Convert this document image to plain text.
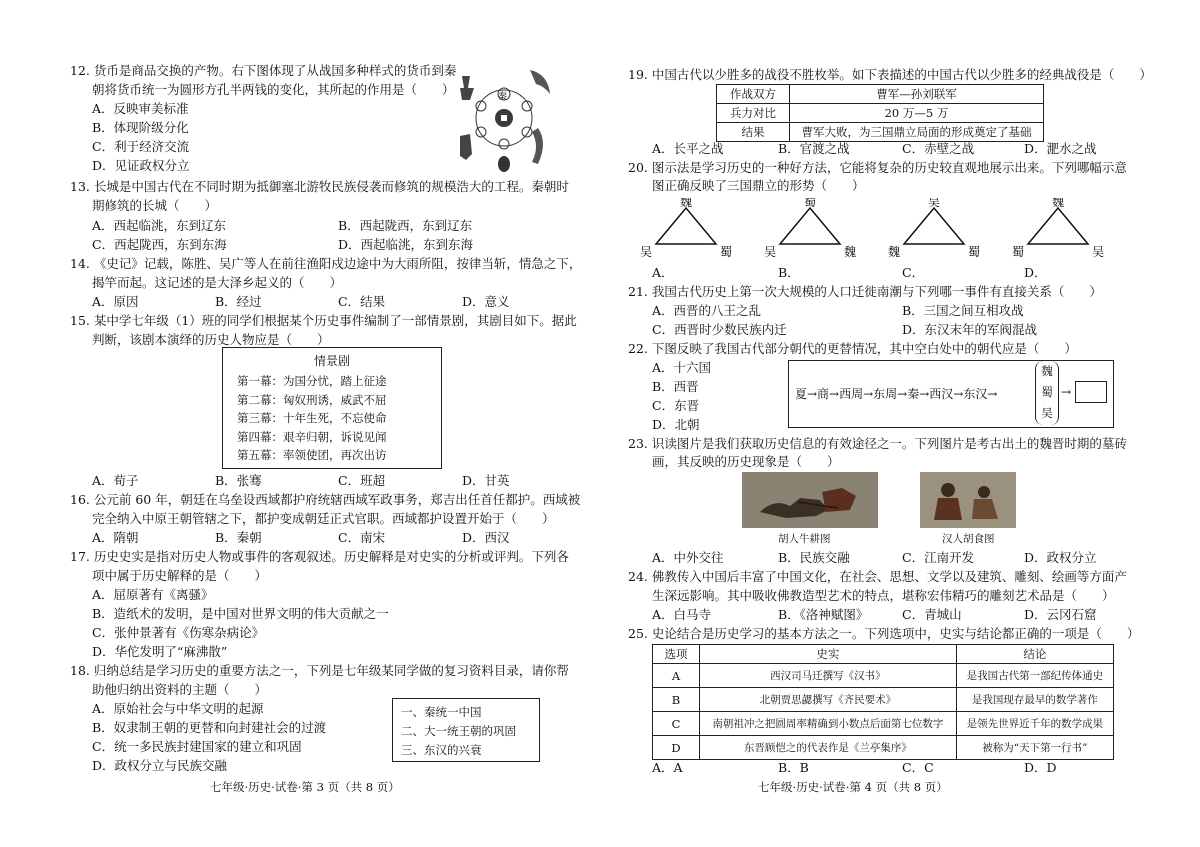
12. 货币是商品交换的产物。右下图体现了从战国多种样式的货币到秦
朝将货币统一为圆形方孔半两钱的变化，其所起的作用是（　　）
A．反映审美标准
B．体现阶级分化
C．利于经济交流
D．见证政权分立
秦
13. 长城是中国古代在不同时期为抵御塞北游牧民族侵袭而修筑的规模浩大的工程。秦朝时
期修筑的长城（　　）
A．西起临洮，东到辽东	B．西起陇西，东到辽东
C．西起陇西，东到东海	D．西起临洮，东到东海
14. 《史记》记载，陈胜、吴广等人在前往渔阳戍边途中为大雨所阻，按律当斩，情急之下，
揭竿而起。这记述的是大泽乡起义的（　　）
A．原因	B．经过	C．结果	D．意义
15. 某中学七年级（1）班的同学们根据某个历史事件编制了一部情景剧，其剧目如下。据此
判断，该剧本演绎的历史人物应是（　　）
情景剧
第一幕：为国分忧，踏上征途
第二幕：匈奴刑诱，威武不屈
第三幕：十年生死，不忘使命
第四幕：艰辛归朝，诉说见闻
第五幕：率领使团，再次出访
A．荀子	B．张骞	C．班超	D．甘英
16. 公元前 60 年，朝廷在乌垒设西域都护府统辖西域军政事务，郑吉出任首任都护。西域被
完全纳入中原王朝管辖之下，都护变成朝廷正式官职。西域都护设置开始于（　　）
A．隋朝	B．秦朝	C．南宋	D．西汉
17. 历史史实是指对历史人物或事件的客观叙述。历史解释是对史实的分析或评判。下列各
项中属于历史解释的是（　　）
A．屈原著有《离骚》
B．造纸术的发明，是中国对世界文明的伟大贡献之一
C．张仲景著有《伤寒杂病论》
D．华佗发明了“麻沸散”
18. 归纳总结是学习历史的重要方法之一，下列是七年级某同学做的复习资料目录，请你帮
助他归纳出资料的主题（　　）
A．原始社会与中华文明的起源
B．奴隶制王朝的更替和向封建社会的过渡
C．统一多民族封建国家的建立和巩固
D．政权分立与民族交融
一、秦统一中国
二、大一统王朝的巩固
三、东汉的兴衰
七年级·历史·试卷·第 3 页（共 8 页）
19. 中国古代以少胜多的战役不胜枚举。如下表描述的中国古代以少胜多的经典战役是（　　）
作战双方	曹军—孙刘联军
兵力对比	20 万—5 万
结果	曹军大败，为三国鼎立局面的形成奠定了基础
A．长平之战	B．官渡之战	C．赤壁之战	D．淝水之战
20. 图示法是学习历史的一种好方法，它能将复杂的历史较直观地展示出来。下列哪幅示意
图正确反映了三国鼎立的形势（　　）
魏
吴	蜀
蜀
吴	魏
吴
魏	蜀
魏
蜀	吴
A．	B．	C．	D．
21. 我国古代历史上第一次大规模的人口迁徙南潮与下列哪一事件有直接关系（　　）
A．西晋的八王之乱	B．三国之间互相攻战
C．西晋时少数民族内迁	D．东汉末年的军阀混战
22. 下图反映了我国古代部分朝代的更替情况，其中空白处中的朝代应是（　　）
A．十六国
B．西晋
C．东晋
D．北朝
夏→商→西周→东周→秦→西汉→东汉→
魏
蜀
吴
→
23. 识读图片是我们获取历史信息的有效途径之一。下列图片是考古出土的魏晋时期的墓砖
画，其反映的历史现象是（　　）
胡人牛耕图	汉人胡食图
A．中外交往	B．民族交融	C．江南开发	D．政权分立
24. 佛教传入中国后丰富了中国文化，在社会、思想、文学以及建筑、雕刻、绘画等方面产
生深远影响。其中吸收佛教造型艺术的特点，堪称宏伟精巧的雕刻艺术品是（　　）
A．白马寺	B．《洛神赋图》	C．青城山	D．云冈石窟
25. 史论结合是历史学习的基本方法之一。下列选项中，史实与结论都正确的一项是（　　）
选项	史实	结论
A	西汉司马迁撰写《汉书》	是我国古代第一部纪传体通史
B	北朝贾思勰撰写《齐民要术》	是我国现存最早的数学著作
C	南朝祖冲之把圆周率精确到小数点后面第七位数字	是领先世界近千年的数学成果
D	东晋顾恺之的代表作是《兰亭集序》	被称为“天下第一行书”
A．A	B．B	C．C	D．D
七年级·历史·试卷·第 4 页（共 8 页）
